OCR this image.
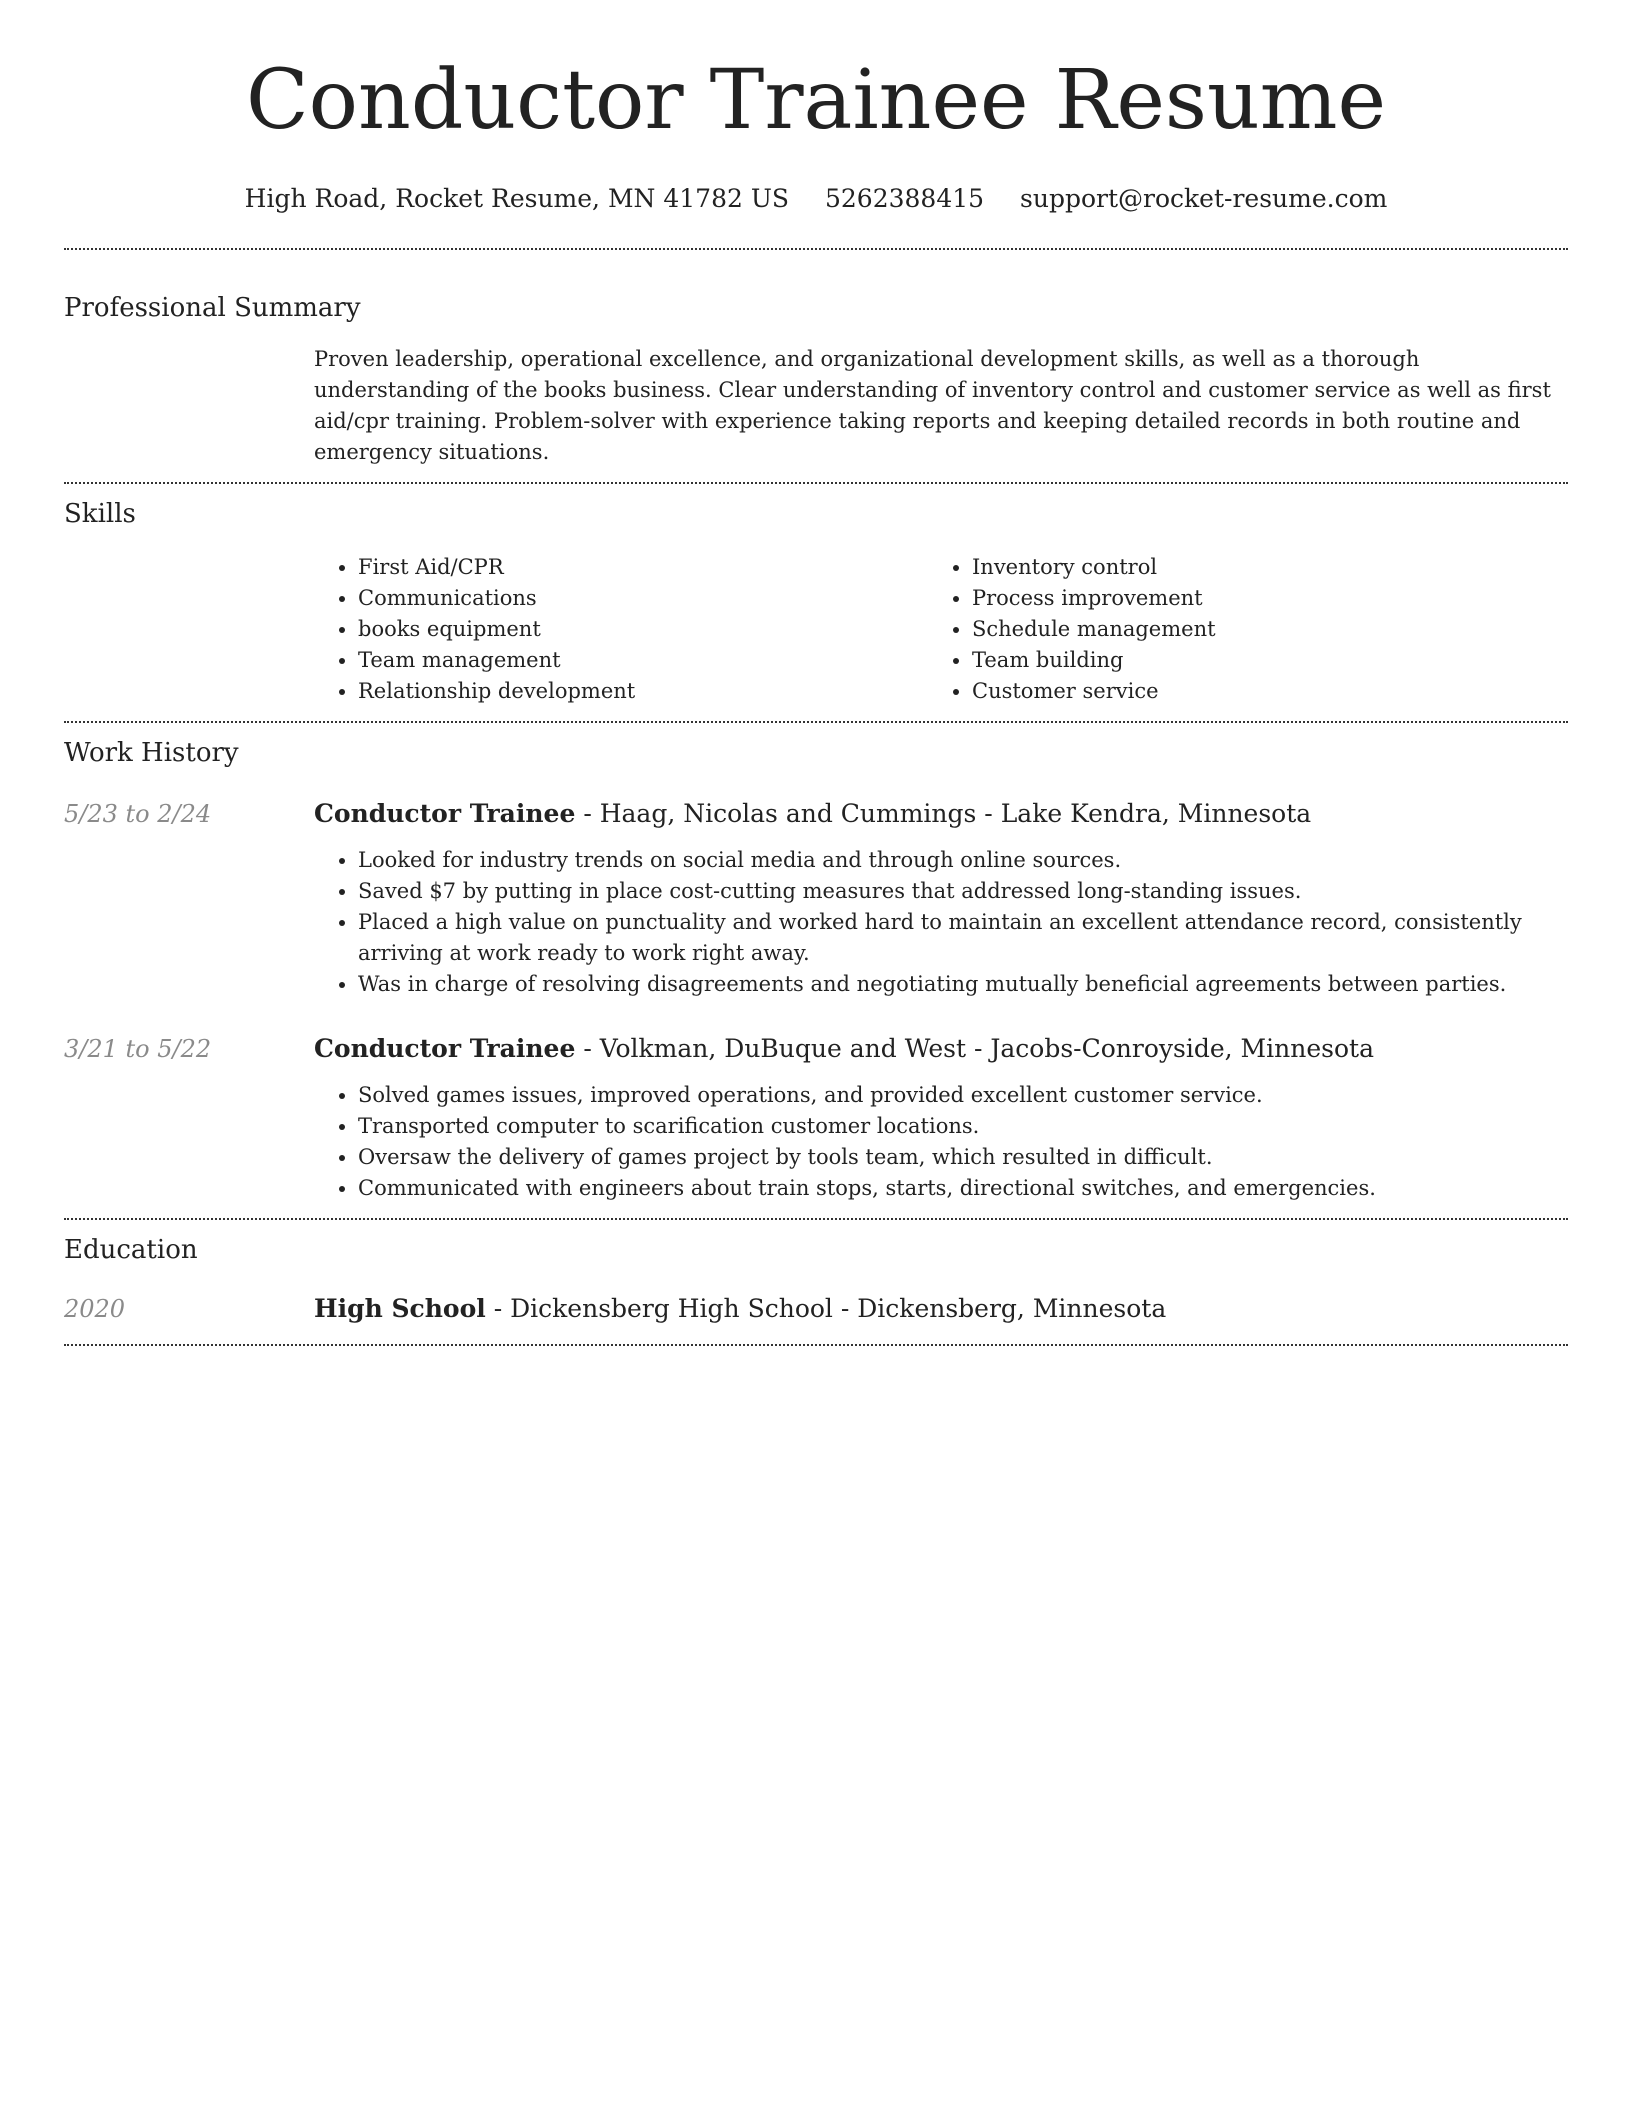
Conductor Trainee Resume
High Road, Rocket Resume, MN 41782 US 5262388415 support@rocket-resume.com
Professional Summary

Proven leadership, operational excellence, and organizational development skills, as well as a thorough understanding of the books business. Clear understanding of inventory control and customer service as well as first aid/cpr training. Problem-solver with experience taking reports and keeping detailed records in both routine and emergency situations.

Skills
• First Aid/CPR
• Communications
• books equipment
• Team management
• Relationship development
• Inventory control
• Process improvement
• Schedule management
• Team building
• Customer service
Work History
5/23 to 2/24	Conductor Trainee - Haag, Nicolas and Cummings - Lake Kendra, Minnesota
• Looked for industry trends on social media and through online sources.
• Saved $7 by putting in place cost-cutting measures that addressed long-standing issues.
• Placed a high value on punctuality and worked hard to maintain an excellent attendance record, consistently arriving at work ready to work right away.
• Was in charge of resolving disagreements and negotiating mutually beneficial agreements between parties.
3/21 to 5/22	Conductor Trainee - Volkman, DuBuque and West - Jacobs-Conroyside, Minnesota
• Solved games issues, improved operations, and provided excellent customer service.
• Transported computer to scarification customer locations.
• Oversaw the delivery of games project by tools team, which resulted in difficult.
• Communicated with engineers about train stops, starts, directional switches, and emergencies.
Education
2020	High School - Dickensberg High School - Dickensberg, Minnesota
